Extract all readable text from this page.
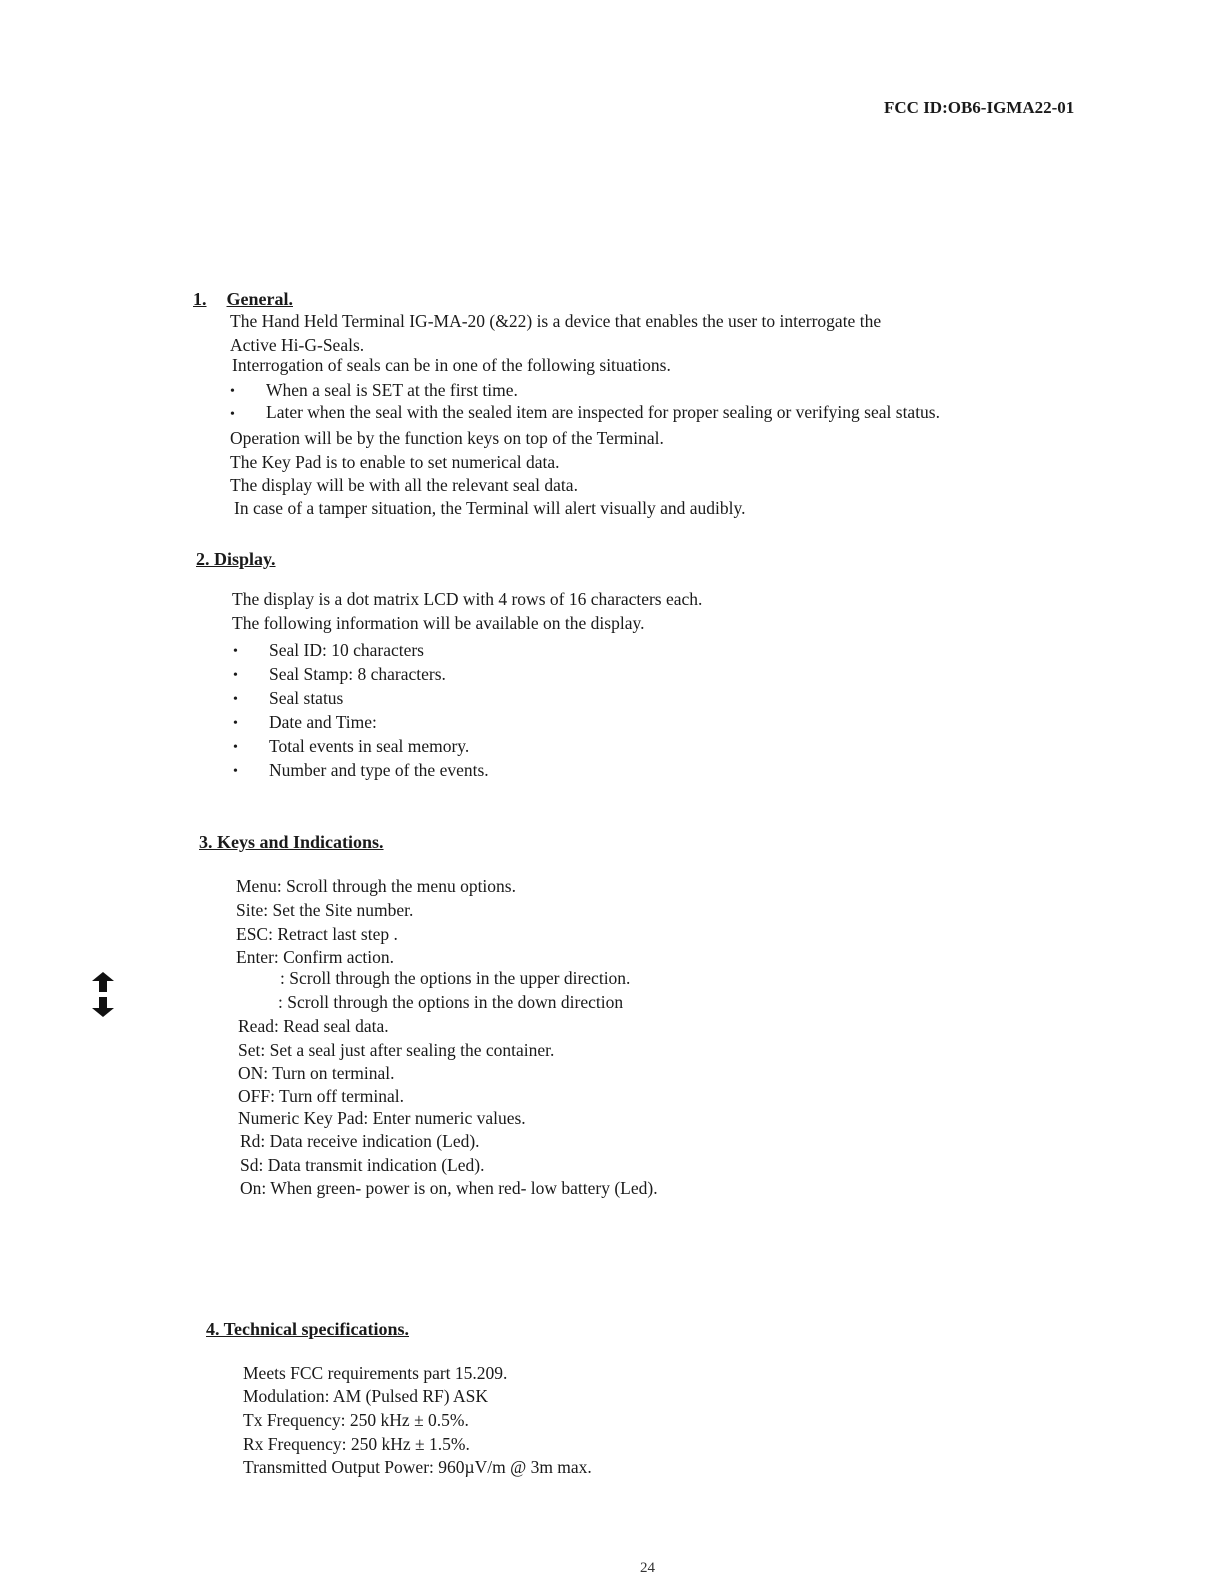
FCC ID:OB6-IGMA22-01
1. General.
The Hand Held Terminal IG-MA-20 (&22) is a device that enables the user to interrogate the
Active Hi-G-Seals.
Interrogation of seals can be in one of the following situations.
• When a seal is SET at the first time.
• Later when the seal with the sealed item are inspected for proper sealing or verifying seal status.
Operation will be by the function keys on top of the Terminal.
The Key Pad is to enable to set numerical data.
The display will be with all the relevant seal data.
In case of a tamper situation, the Terminal will alert visually and audibly.
2. Display.
The display is a dot matrix LCD with 4 rows of 16 characters each.
The following information will be available on the display.
• Seal ID: 10 characters
• Seal Stamp: 8 characters.
• Seal status
• Date and Time:
• Total events in seal memory.
• Number and type of the events.
3. Keys and Indications.
Menu: Scroll through the menu options.
Site: Set the Site number.
ESC: Retract last step .
Enter: Confirm action.
: Scroll through the options in the upper direction.
: Scroll through the options in the down direction
Read: Read seal data.
Set: Set a seal just after sealing the container.
ON: Turn on terminal.
OFF: Turn off terminal.
Numeric Key Pad: Enter numeric values.
Rd: Data receive indication (Led).
Sd: Data transmit indication (Led).
On: When green- power is on, when red- low battery (Led).
4. Technical specifications.
Meets FCC requirements part 15.209.
Modulation: AM (Pulsed RF) ASK
Tx Frequency: 250 kHz ± 0.5%.
Rx Frequency: 250 kHz ± 1.5%.
Transmitted Output Power: 960µV/m @ 3m max.
24
